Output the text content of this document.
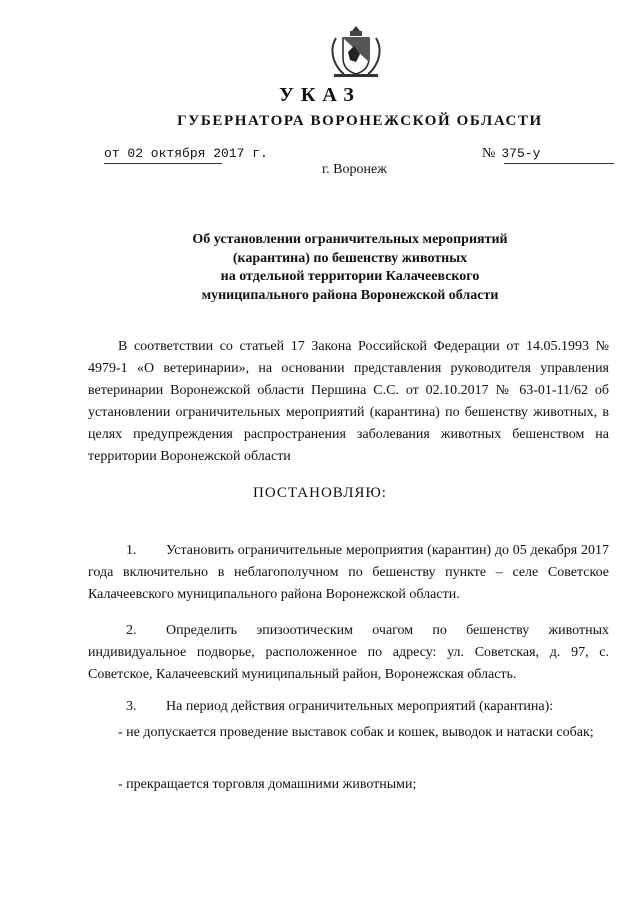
УКАЗ
ГУБЕРНАТОРА ВОРОНЕЖСКОЙ ОБЛАСТИ
от 02 октября 2017 г.	№ 375-у
г. Воронеж
Об установлении ограничительных мероприятий
(карантина) по бешенству животных
на отдельной территории Калачеевского
муниципального района Воронежской области

В соответствии со статьей 17 Закона Российской Федерации от 14.05.1993 № 4979-1 «О ветеринарии», на основании представления руководителя управления ветеринарии Воронежской области Першина С.С. от 02.10.2017 № 63-01-11/62 об установлении ограничительных мероприятий (карантина) по бешенству животных, в целях предупреждения распространения заболевания животных бешенством на территории Воронежской области

ПОСТАНОВЛЯЮ:

1. Установить ограничительные мероприятия (карантин) до 05 декабря 2017 года включительно в неблагополучном по бешенству пункте – селе Советское Калачеевского муниципального района Воронежской области.

2. Определить эпизоотическим очагом по бешенству животных индивидуальное подворье, расположенное по адресу: ул. Советская, д. 97, с. Советское, Калачеевский муниципальный район, Воронежская область.

3. На период действия ограничительных мероприятий (карантина):

- не допускается проведение выставок собак и кошек, выводок и натаски собак;

- прекращается торговля домашними животными;
